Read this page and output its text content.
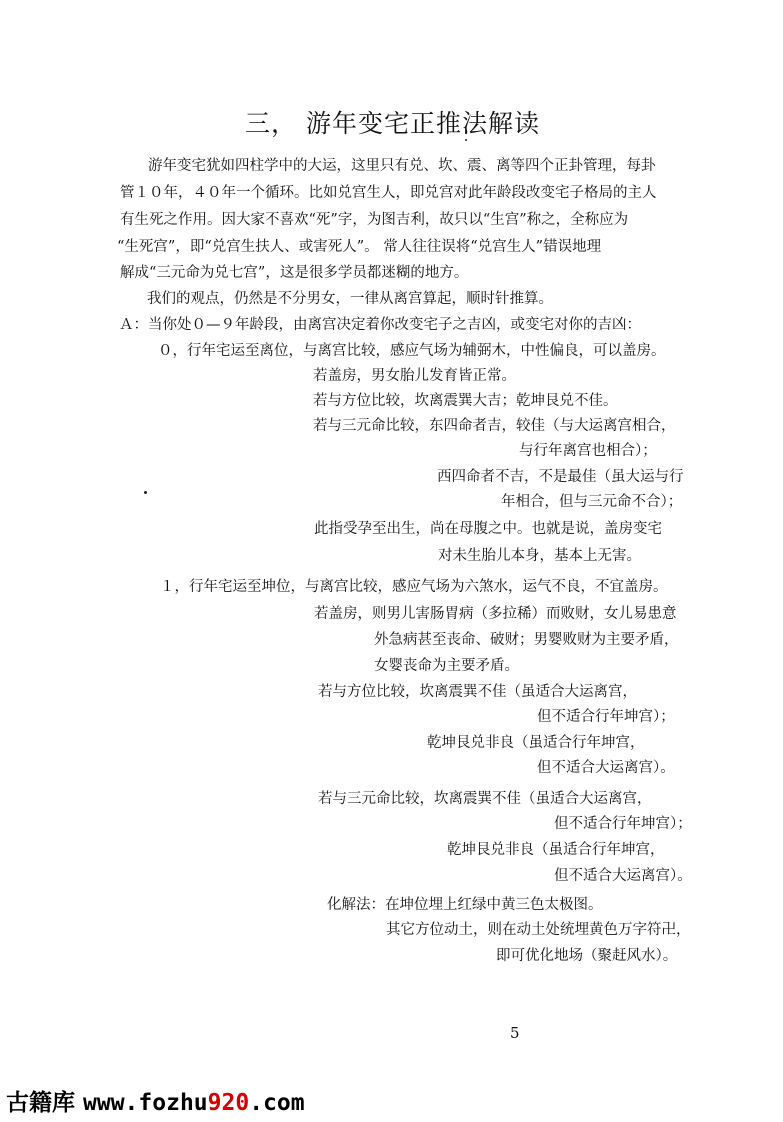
三， 游年变宅正推法解读
游年变宅犹如四柱学中的大运，这里只有兑、坎、震、离等四个正卦管理，每卦
管１０年，４０年一个循环。比如兑宫生人，即兑宫对此年龄段改变宅子格局的主人
有生死之作用。因大家不喜欢“死”字，为图吉利，故只以“生宫”称之，全称应为
“生死宫”，即“兑宫生扶人、或害死人”。 常人往往误将“兑宫生人”错误地理
解成“三元命为兑七宫”，这是很多学员都迷糊的地方。
我们的观点，仍然是不分男女，一律从离宫算起，顺时针推算。
Ａ：当你处０—９年龄段，由离宫决定着你改变宅子之吉凶，或变宅对你的吉凶：
０，行年宅运至离位，与离宫比较，感应气场为辅弼木，中性偏良，可以盖房。
若盖房，男女胎儿发育皆正常。
若与方位比较，坎离震巽大吉；乾坤艮兑不佳。
若与三元命比较，东四命者吉，较佳（与大运离宫相合，
与行年离宫也相合）；
西四命者不吉，不是最佳（虽大运与行
年相合，但与三元命不合）；
此指受孕至出生，尚在母腹之中。也就是说，盖房变宅
对未生胎儿本身，基本上无害。
１，行年宅运至坤位，与离宫比较，感应气场为六煞水，运气不良，不宜盖房。
若盖房，则男儿害肠胃病（多拉稀）而败财，女儿易患意
外急病甚至丧命、破财；男婴败财为主要矛盾，
女婴丧命为主要矛盾。
若与方位比较，坎离震巽不佳（虽适合大运离宫，
但不适合行年坤宫）；
乾坤艮兑非良（虽适合行年坤宫，
但不适合大运离宫）。
若与三元命比较，坎离震巽不佳（虽适合大运离宫，
但不适合行年坤宫）；
乾坤艮兑非良（虽适合行年坤宫，
但不适合大运离宫）。
化解法：在坤位埋上红绿中黄三色太极图。
其它方位动土，则在动土处统埋黄色万字符卍，
即可优化地场（聚赶风水）。
5
古籍库 www.fozhu920.com
